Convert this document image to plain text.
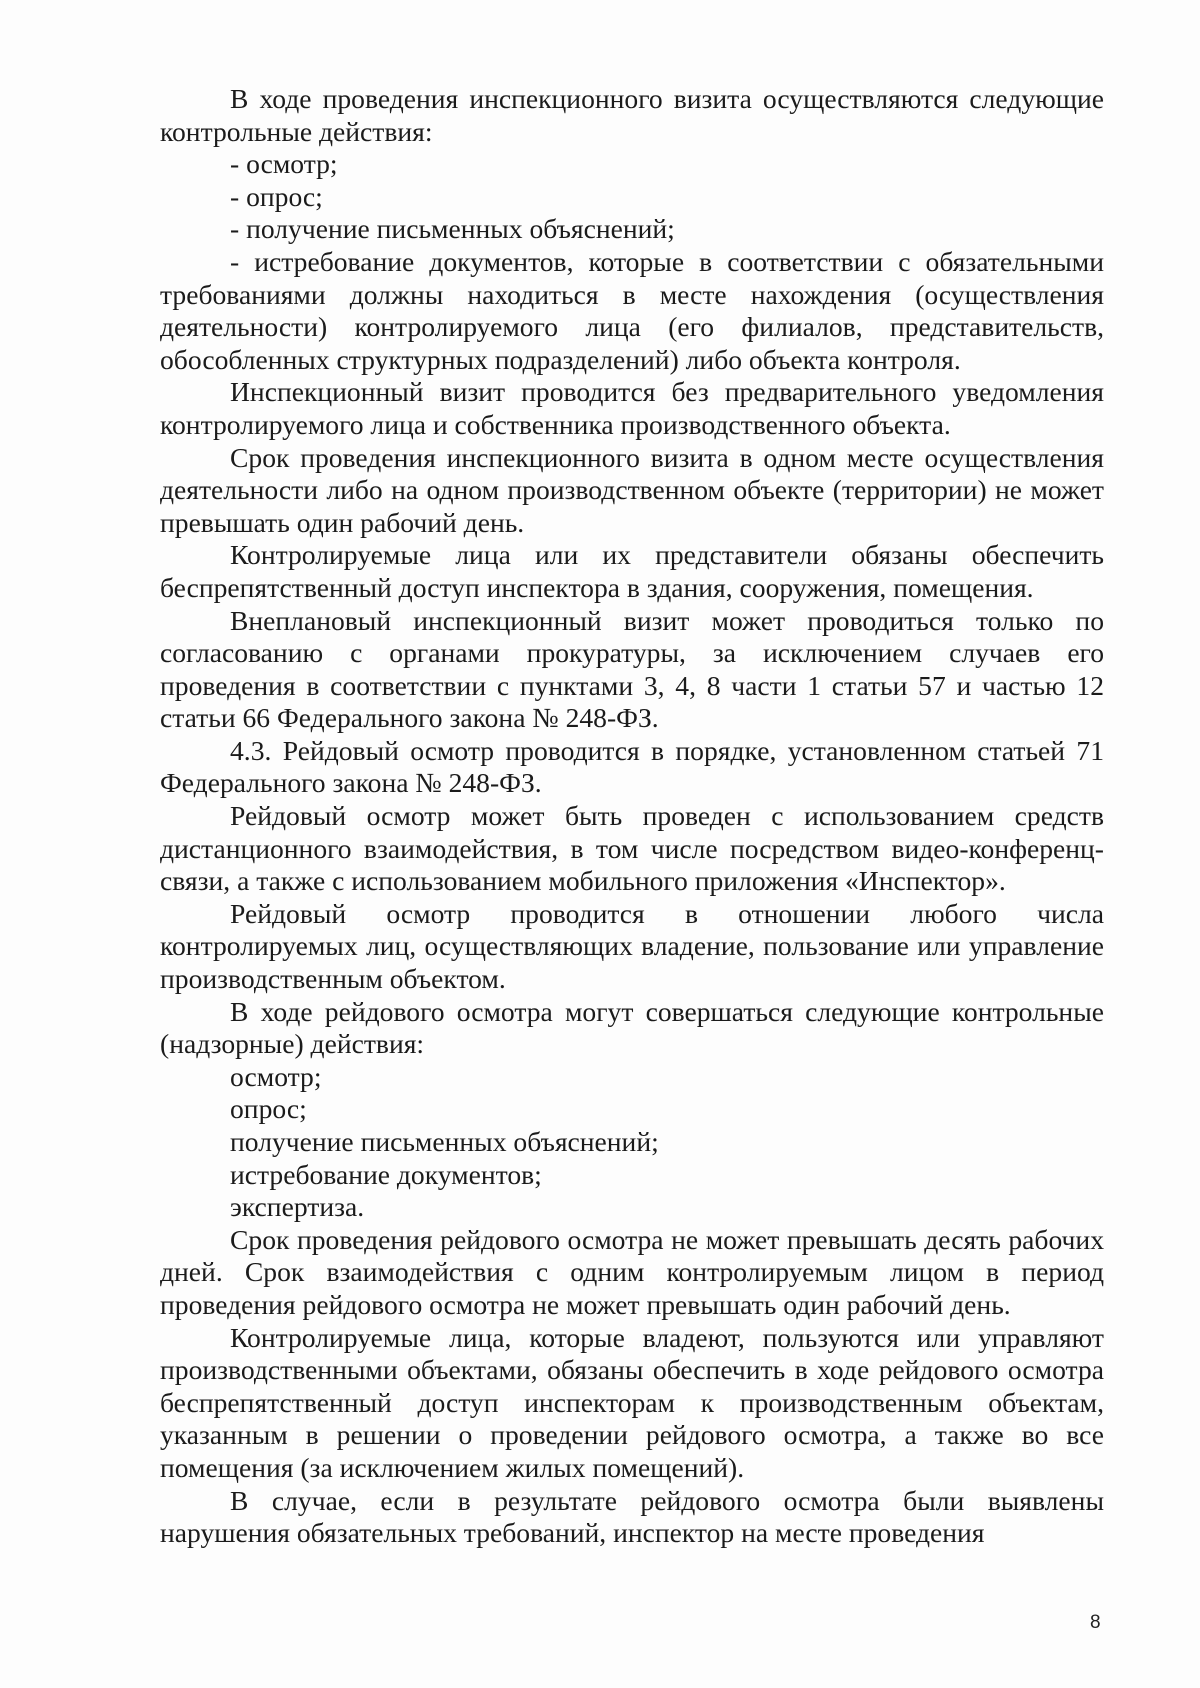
В ходе проведения инспекционного визита осуществляются следующие контрольные действия:

- осмотр;
- опрос;
- получение письменных объяснений;

- истребование документов, которые в соответствии с обязательными требованиями должны находиться в месте нахождения (осуществления деятельности) контролируемого лица (его филиалов, представительств, обособленных структурных подразделений) либо объекта контроля.

Инспекционный визит проводится без предварительного уведомления контролируемого лица и собственника производственного объекта.

Срок проведения инспекционного визита в одном месте осуществления деятельности либо на одном производственном объекте (территории) не может превышать один рабочий день.

Контролируемые лица или их представители обязаны обеспечить беспрепятственный доступ инспектора в здания, сооружения, помещения.

Внеплановый инспекционный визит может проводиться только по согласованию с органами прокуратуры, за исключением случаев его проведения в соответствии с пунктами 3, 4, 8 части 1 статьи 57 и частью 12 статьи 66 Федерального закона № 248-ФЗ.

4.3. Рейдовый осмотр проводится в порядке, установленном статьей 71 Федерального закона № 248-ФЗ.

Рейдовый осмотр может быть проведен с использованием средств дистанционного взаимодействия, в том числе посредством видео-конференц-связи, а также с использованием мобильного приложения «Инспектор».

Рейдовый осмотр проводится в отношении любого числа контролируемых лиц, осуществляющих владение, пользование или управление производственным объектом.

В ходе рейдового осмотра могут совершаться следующие контрольные (надзорные) действия:

осмотр;
опрос;
получение письменных объяснений;
истребование документов;
экспертиза.

Срок проведения рейдового осмотра не может превышать десять рабочих дней. Срок взаимодействия с одним контролируемым лицом в период проведения рейдового осмотра не может превышать один рабочий день.

Контролируемые лица, которые владеют, пользуются или управляют производственными объектами, обязаны обеспечить в ходе рейдового осмотра беспрепятственный доступ инспекторам к производственным объектам, указанным в решении о проведении рейдового осмотра, а также во все помещения (за исключением жилых помещений).

В случае, если в результате рейдового осмотра были выявлены нарушения обязательных требований, инспектор на месте проведения

8
